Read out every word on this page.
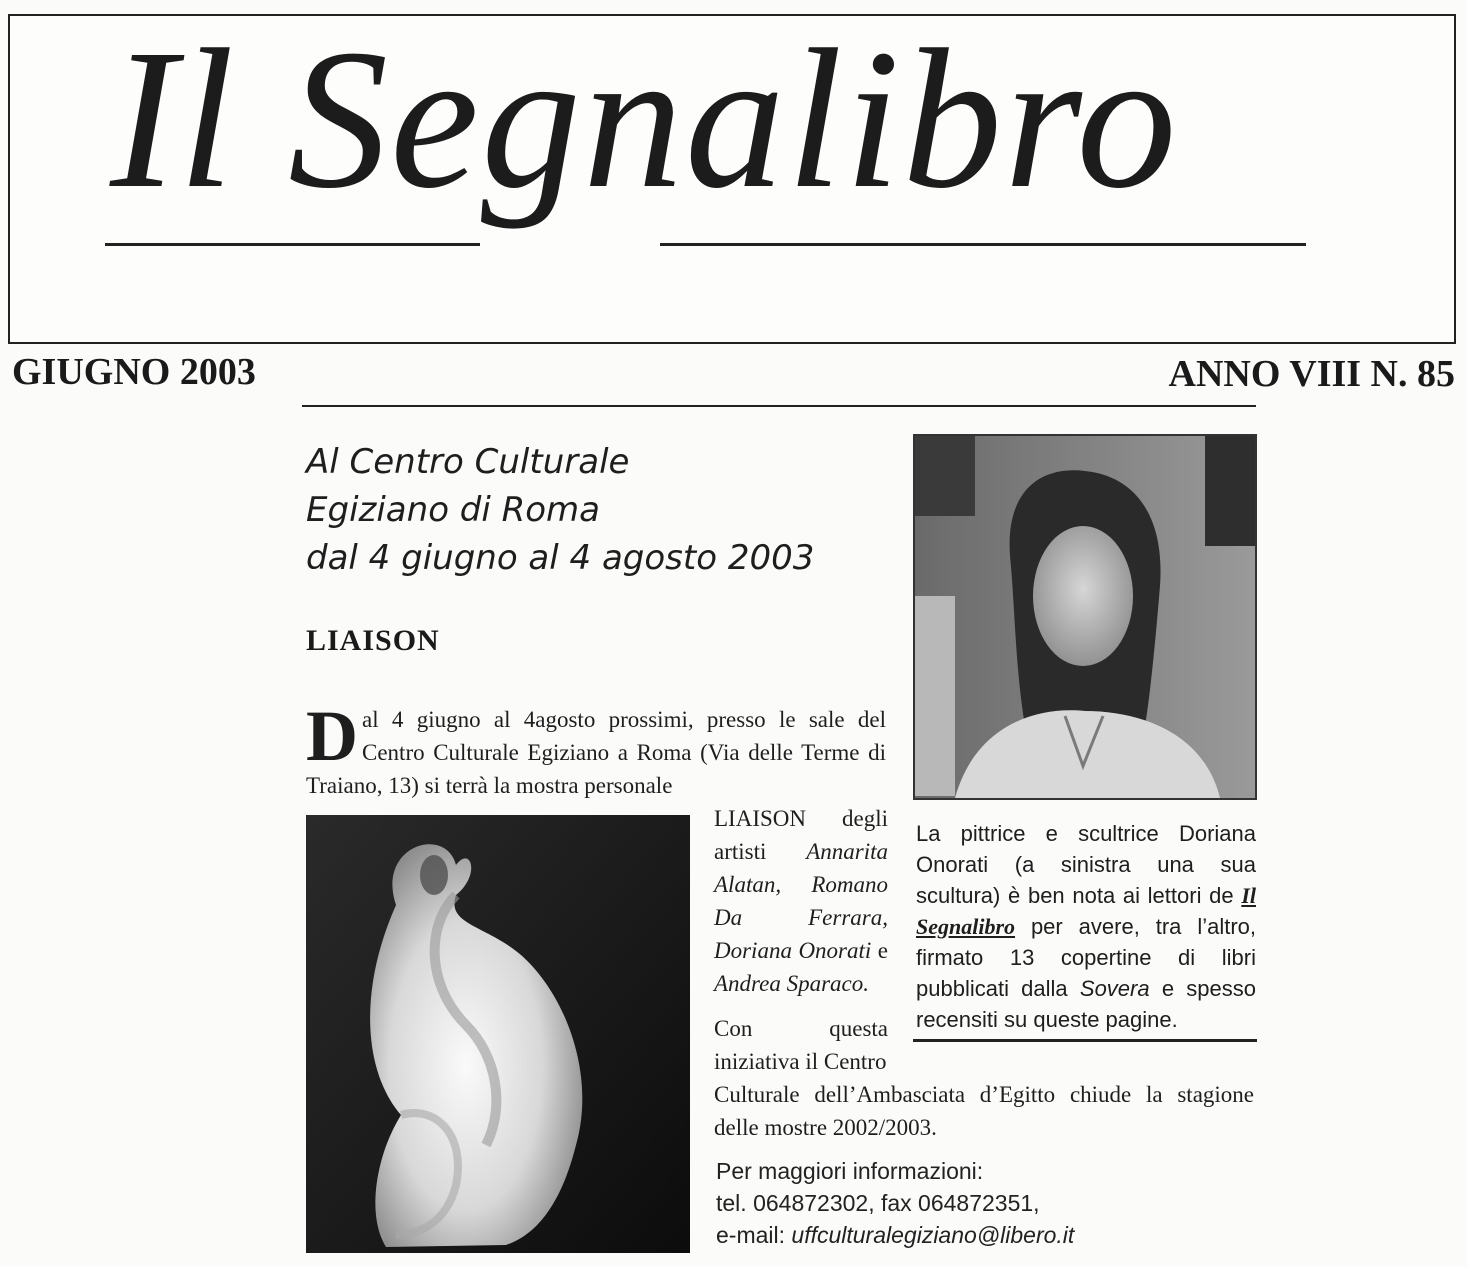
Il Segnalibro
GIUGNO 2003	ANNO VIII N. 85
Al Centro Culturale
Egiziano di Roma
dal 4 giugno al 4 agosto 2003
LIAISON
Dal 4 giugno al 4agosto prossimi, presso le sale del Centro Culturale Egiziano a Roma (Via delle Terme di Traiano, 13) si terrà la mostra personale
LIAISON degli artisti Annarita Alatan, Romano Da Ferrara, Doriana Onorati e Andrea Sparaco.
Con questa iniziativa il Centro
Culturale dell’Ambasciata d’Egitto chiude la stagione delle mostre 2002/2003.
Per maggiori informazioni:
tel. 064872302, fax 064872351,
e-mail: uffculturalegiziano@libero.it
La pittrice e scultrice Doriana Onorati (a sinistra una sua scultura) è ben nota ai lettori de Il Segnalibro per avere, tra l’altro, firmato 13 copertine di libri pubblicati dalla Sovera e spesso recensiti su queste pagine.
